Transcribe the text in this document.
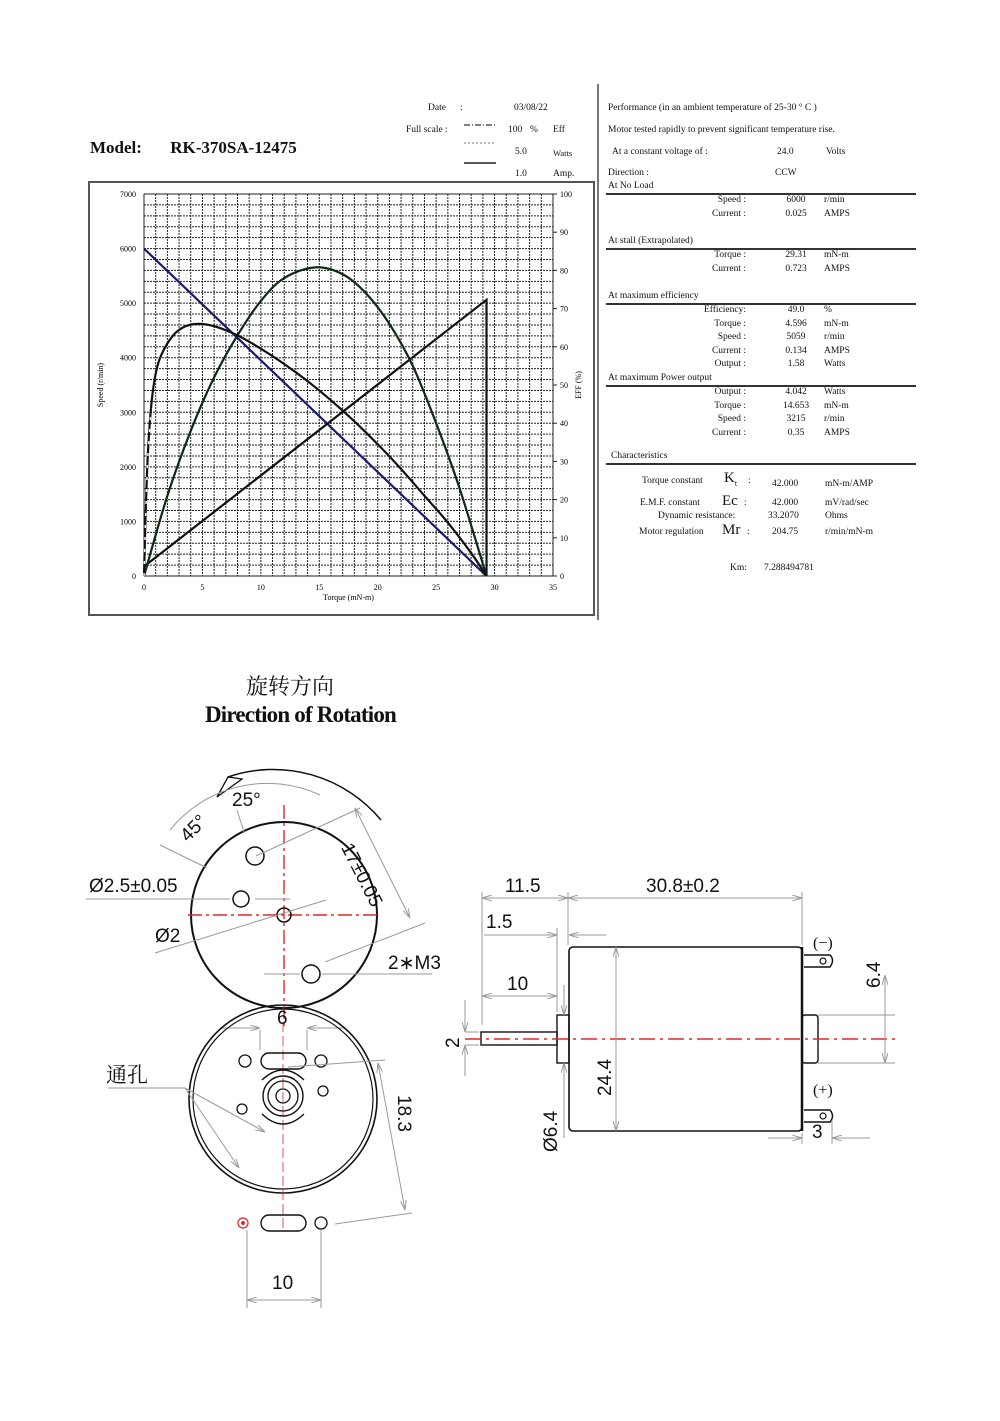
Model: RK-370SA-12475
Date :	03/08/22
Full scale :	100 % Eff
5.0	Watts
1.0	Amp.
0	5	10	15	20	25	30	35
0
1000
2000
3000
4000
5000
6000
7000
0
10
20
30
40
50
60
70
80
90
100
Torque (mN-m)
Speed (r/min)	EFF (%)
Performance (in an ambient temperature of 25-30 ° C )
Motor tested rapidly to prevent significant temperature rise.
At a constant voltage of :	24.0	Volts
Direction :	CCW
At No Load
Speed :	6000	r/min
Current :	0.025	AMPS
At stall (Extrapolated)
Torque :	29.31	mN-m
Current :	0.723	AMPS
At maximum efficiency
Efficiency:	49.0	%
Torque :	4.596	mN-m
Speed :	5059	r/min
Current :	0.134	AMPS
Output :	1.58	Watts
At maximum Power output
Output :	4.042	Watts
Torque :	14.653	mN-m
Speed :	3215	r/min
Current :	0.35	AMPS
Characteristics
Torque constant $K_t$ : 42.000	mN-m/AMP
E.M.F. constant Ec :	42.000	mV/rad/sec
Dynamic resistance:	33.2070	Ohms
Motor regulation Mr : 204.75	r/min/mN-m
Km: 7.288494781
旋转方向
Direction of Rotation
25°
45°
Ø2.5±0.05
Ø2
17±0.05
2∗M3
6
通孔
18.3
10
11.5	30.8±0.2
1.5
10
2
24.4
Ø6.4
6.4
3
(−)
(+)
